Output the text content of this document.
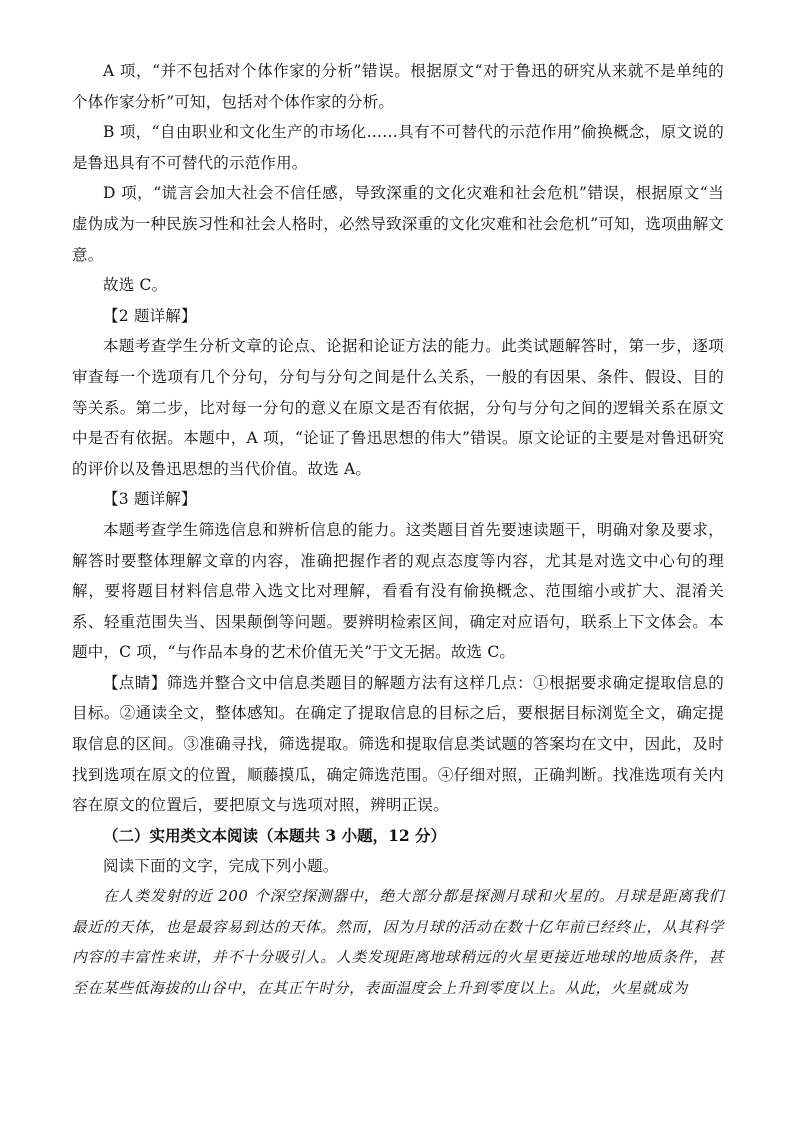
A 项，“并不包括对个体作家的分析”错误。根据原文“对于鲁迅的研究从来就不是单纯的个体作家分析”可知，包括对个体作家的分析。

B 项，“自由职业和文化生产的市场化……具有不可替代的示范作用”偷换概念，原文说的是鲁迅具有不可替代的示范作用。

D 项，“谎言会加大社会不信任感，导致深重的文化灾难和社会危机”错误，根据原文“当虚伪成为一种民族习性和社会人格时，必然导致深重的文化灾难和社会危机”可知，选项曲解文意。

故选 C。

【2 题详解】

本题考查学生分析文章的论点、论据和论证方法的能力。此类试题解答时，第一步，逐项审查每一个选项有几个分句，分句与分句之间是什么关系，一般的有因果、条件、假设、目的等关系。第二步，比对每一分句的意义在原文是否有依据，分句与分句之间的逻辑关系在原文中是否有依据。本题中，A 项，“论证了鲁迅思想的伟大”错误。原文论证的主要是对鲁迅研究的评价以及鲁迅思想的当代价值。故选 A。

【3 题详解】

本题考查学生筛选信息和辨析信息的能力。这类题目首先要速读题干，明确对象及要求，解答时要整体理解文章的内容，准确把握作者的观点态度等内容，尤其是对选文中心句的理解，要将题目材料信息带入选文比对理解，看看有没有偷换概念、范围缩小或扩大、混淆关系、轻重范围失当、因果颠倒等问题。要辨明检索区间，确定对应语句，联系上下文体会。本题中，C 项，“与作品本身的艺术价值无关”于文无据。故选 C。

【点睛】筛选并整合文中信息类题目的解题方法有这样几点：①根据要求确定提取信息的目标。②通读全文，整体感知。在确定了提取信息的目标之后，要根据目标浏览全文，确定提取信息的区间。③准确寻找，筛选提取。筛选和提取信息类试题的答案均在文中，因此，及时找到选项在原文的位置，顺藤摸瓜，确定筛选范围。④仔细对照，正确判断。找准选项有关内容在原文的位置后，要把原文与选项对照，辨明正误。

（二）实用类文本阅读（本题共 3 小题，12 分）

阅读下面的文字，完成下列小题。

在人类发射的近 200 个深空探测器中，绝大部分都是探测月球和火星的。月球是距离我们最近的天体，也是最容易到达的天体。然而，因为月球的活动在数十亿年前已经终止，从其科学内容的丰富性来讲，并不十分吸引人。人类发现距离地球稍远的火星更接近地球的地质条件，甚至在某些低海拔的山谷中，在其正午时分，表面温度会上升到零度以上。从此，火星就成为
